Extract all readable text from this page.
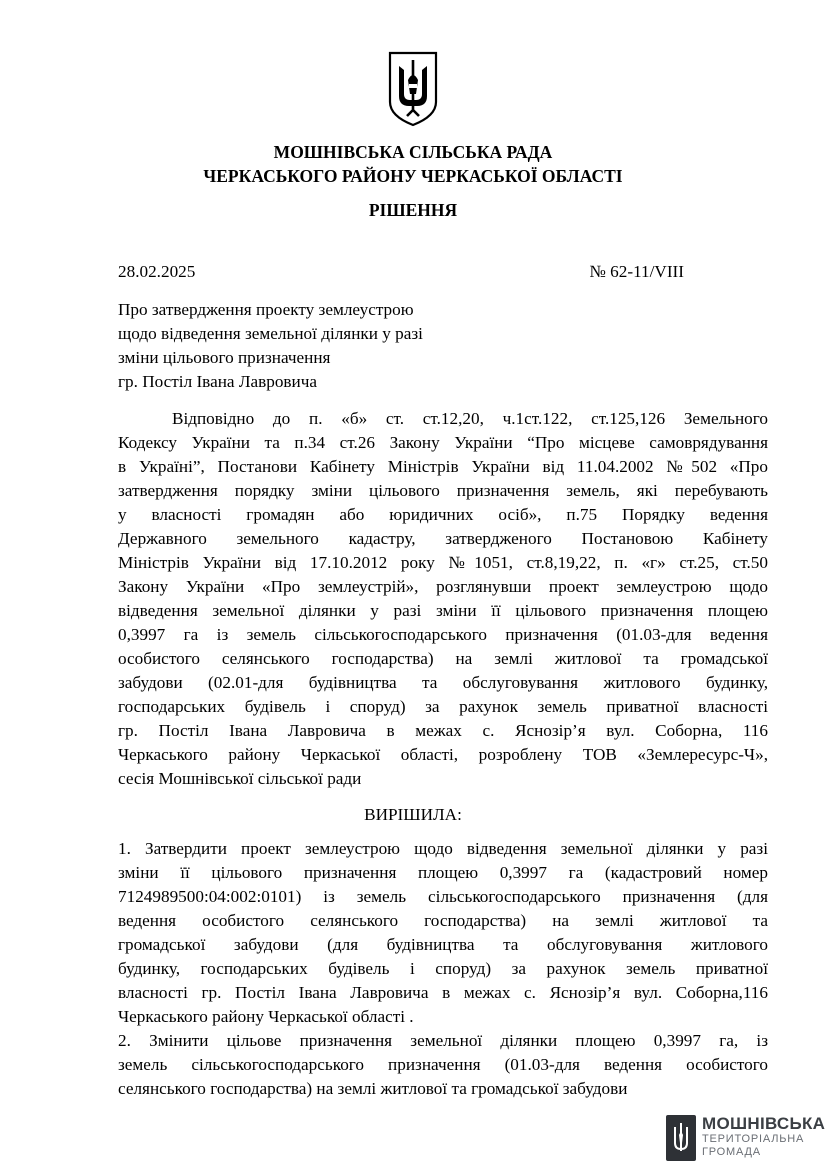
МОШНІВСЬКА СІЛЬСЬКА РАДА
ЧЕРКАСЬКОГО РАЙОНУ ЧЕРКАСЬКОЇ ОБЛАСТІ
РІШЕННЯ
28.02.2025	№ 62-11/VIII
Про затвердження проекту землеустрою
щодо відведення земельної ділянки у разі
зміни цільового призначення
гр. Постіл Івана Лавровича
Відповідно до п. «б» ст. ст.12,20, ч.1ст.122, ст.125,126 Земельного
Кодексу України та п.34 ст.26 Закону України “Про місцеве самоврядування
в Україні”, Постанови Кабінету Міністрів України від 11.04.2002 №502 «Про
затвердження порядку зміни цільового призначення земель, які перебувають
у власності громадян або юридичних осіб», п.75 Порядку ведення
Державного земельного кадастру, затвердженого Постановою Кабінету
Міністрів України від 17.10.2012 року №1051, ст.8,19,22, п. «г» ст.25, ст.50
Закону України «Про землеустрій», розглянувши проект землеустрою щодо
відведення земельної ділянки у разі зміни її цільового призначення площею
0,3997 га із земель сільськогосподарського призначення (01.03-для ведення
особистого селянського господарства) на землі житлової та громадської
забудови (02.01-для будівництва та обслуговування житлового будинку,
господарських будівель і споруд) за рахунок земель приватної власності
гр. Постіл Івана Лавровича в межах с. Яснозір’я вул. Соборна, 116
Черкаського району Черкаської області, розроблену ТОВ «Землересурс-Ч»,
сесія Мошнівської сільської ради
ВИРІШИЛА:
1. Затвердити проект землеустрою щодо відведення земельної ділянки у разі
зміни її цільового призначення площею 0,3997 га (кадастровий номер
7124989500:04:002:0101) із земель сільськогосподарського призначення (для
ведення особистого селянського господарства) на землі житлової та
громадської забудови (для будівництва та обслуговування житлового
будинку, господарських будівель і споруд) за рахунок земель приватної
власності гр. Постіл Івана Лавровича в межах с. Яснозір’я вул. Соборна,116
Черкаського району Черкаської області .
2. Змінити цільове призначення земельної ділянки площею 0,3997 га, із
земель сільськогосподарського призначення (01.03-для ведення особистого
селянського господарства) на землі житлової та громадської забудови
МОШНІВСЬКА
ТЕРИТОРІАЛЬНА
ГРОМАДА
